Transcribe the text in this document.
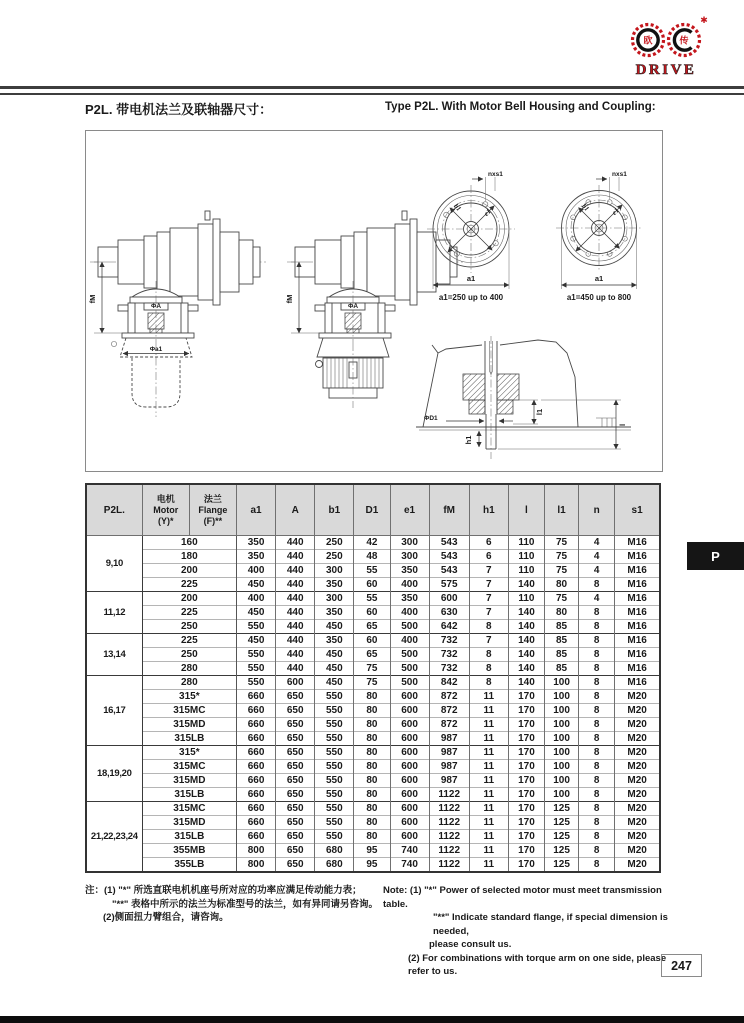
欧	传
✱
DRIVE
P2L. 带电机法兰及联轴器尺寸：	Type P2L. With Motor Bell Housing and Coupling:
Φa1
b1	e1
nxs1
a1
a1=250 up to 400
b1	e1
nxs1
a1
a1=450 up to 800
ΦD1
l1
l
h1
P2L.	电机
Motor
(Y)*	法兰
Flange
(F)**	a1	A	b1	D1	e1	fM	h1	l	l1	n	s1
9,10	160		350	440	250	42	300	543	6	110	75	4	M16
	180		350	440	250	48	300	543	6	110	75	4	M16
	200		400	440	300	55	350	543	7	110	75	4	M16
	225		450	440	350	60	400	575	7	140	80	8	M16
11,12	200		400	440	300	55	350	600	7	110	75	4	M16
	225		450	440	350	60	400	630	7	140	80	8	M16
	250		550	440	450	65	500	642	8	140	85	8	M16
13,14	225		450	440	350	60	400	732	7	140	85	8	M16
	250		550	440	450	65	500	732	8	140	85	8	M16
	280		550	440	450	75	500	732	8	140	85	8	M16
16,17	280		550	600	450	75	500	842	8	140	100	8	M16
	315*		660	650	550	80	600	872	11	170	100	8	M20
	315MC		660	650	550	80	600	872	11	170	100	8	M20
	315MD		660	650	550	80	600	872	11	170	100	8	M20
	315LB		660	650	550	80	600	987	11	170	100	8	M20
18,19,20	315*		660	650	550	80	600	987	11	170	100	8	M20
	315MC		660	650	550	80	600	987	11	170	100	8	M20
	315MD		660	650	550	80	600	987	11	170	100	8	M20
	315LB		660	650	550	80	600	1122	11	170	100	8	M20
21,22,23,24	315MC		660	650	550	80	600	1122	11	170	125	8	M20
	315MD		660	650	550	80	600	1122	11	170	125	8	M20
	315LB		660	650	550	80	600	1122	11	170	125	8	M20
	355MB		800	650	680	95	740	1122	11	170	125	8	M20
	355LB		800	650	680	95	740	1122	11	170	125	8	M20
P
注：(1) "*" 所选直联电机机座号所对应的功率应满足传动能力表；
"**" 表格中所示的法兰为标准型号的法兰，如有异同请另咨询。
(2)侧面扭力臂组合，请咨询。
Note: (1) "*" Power of selected motor must meet transmission table.
"**" Indicate standard flange, if special dimension is needed,
please consult us.
(2) For combinations with torque arm on one side, please refer to us.	247
